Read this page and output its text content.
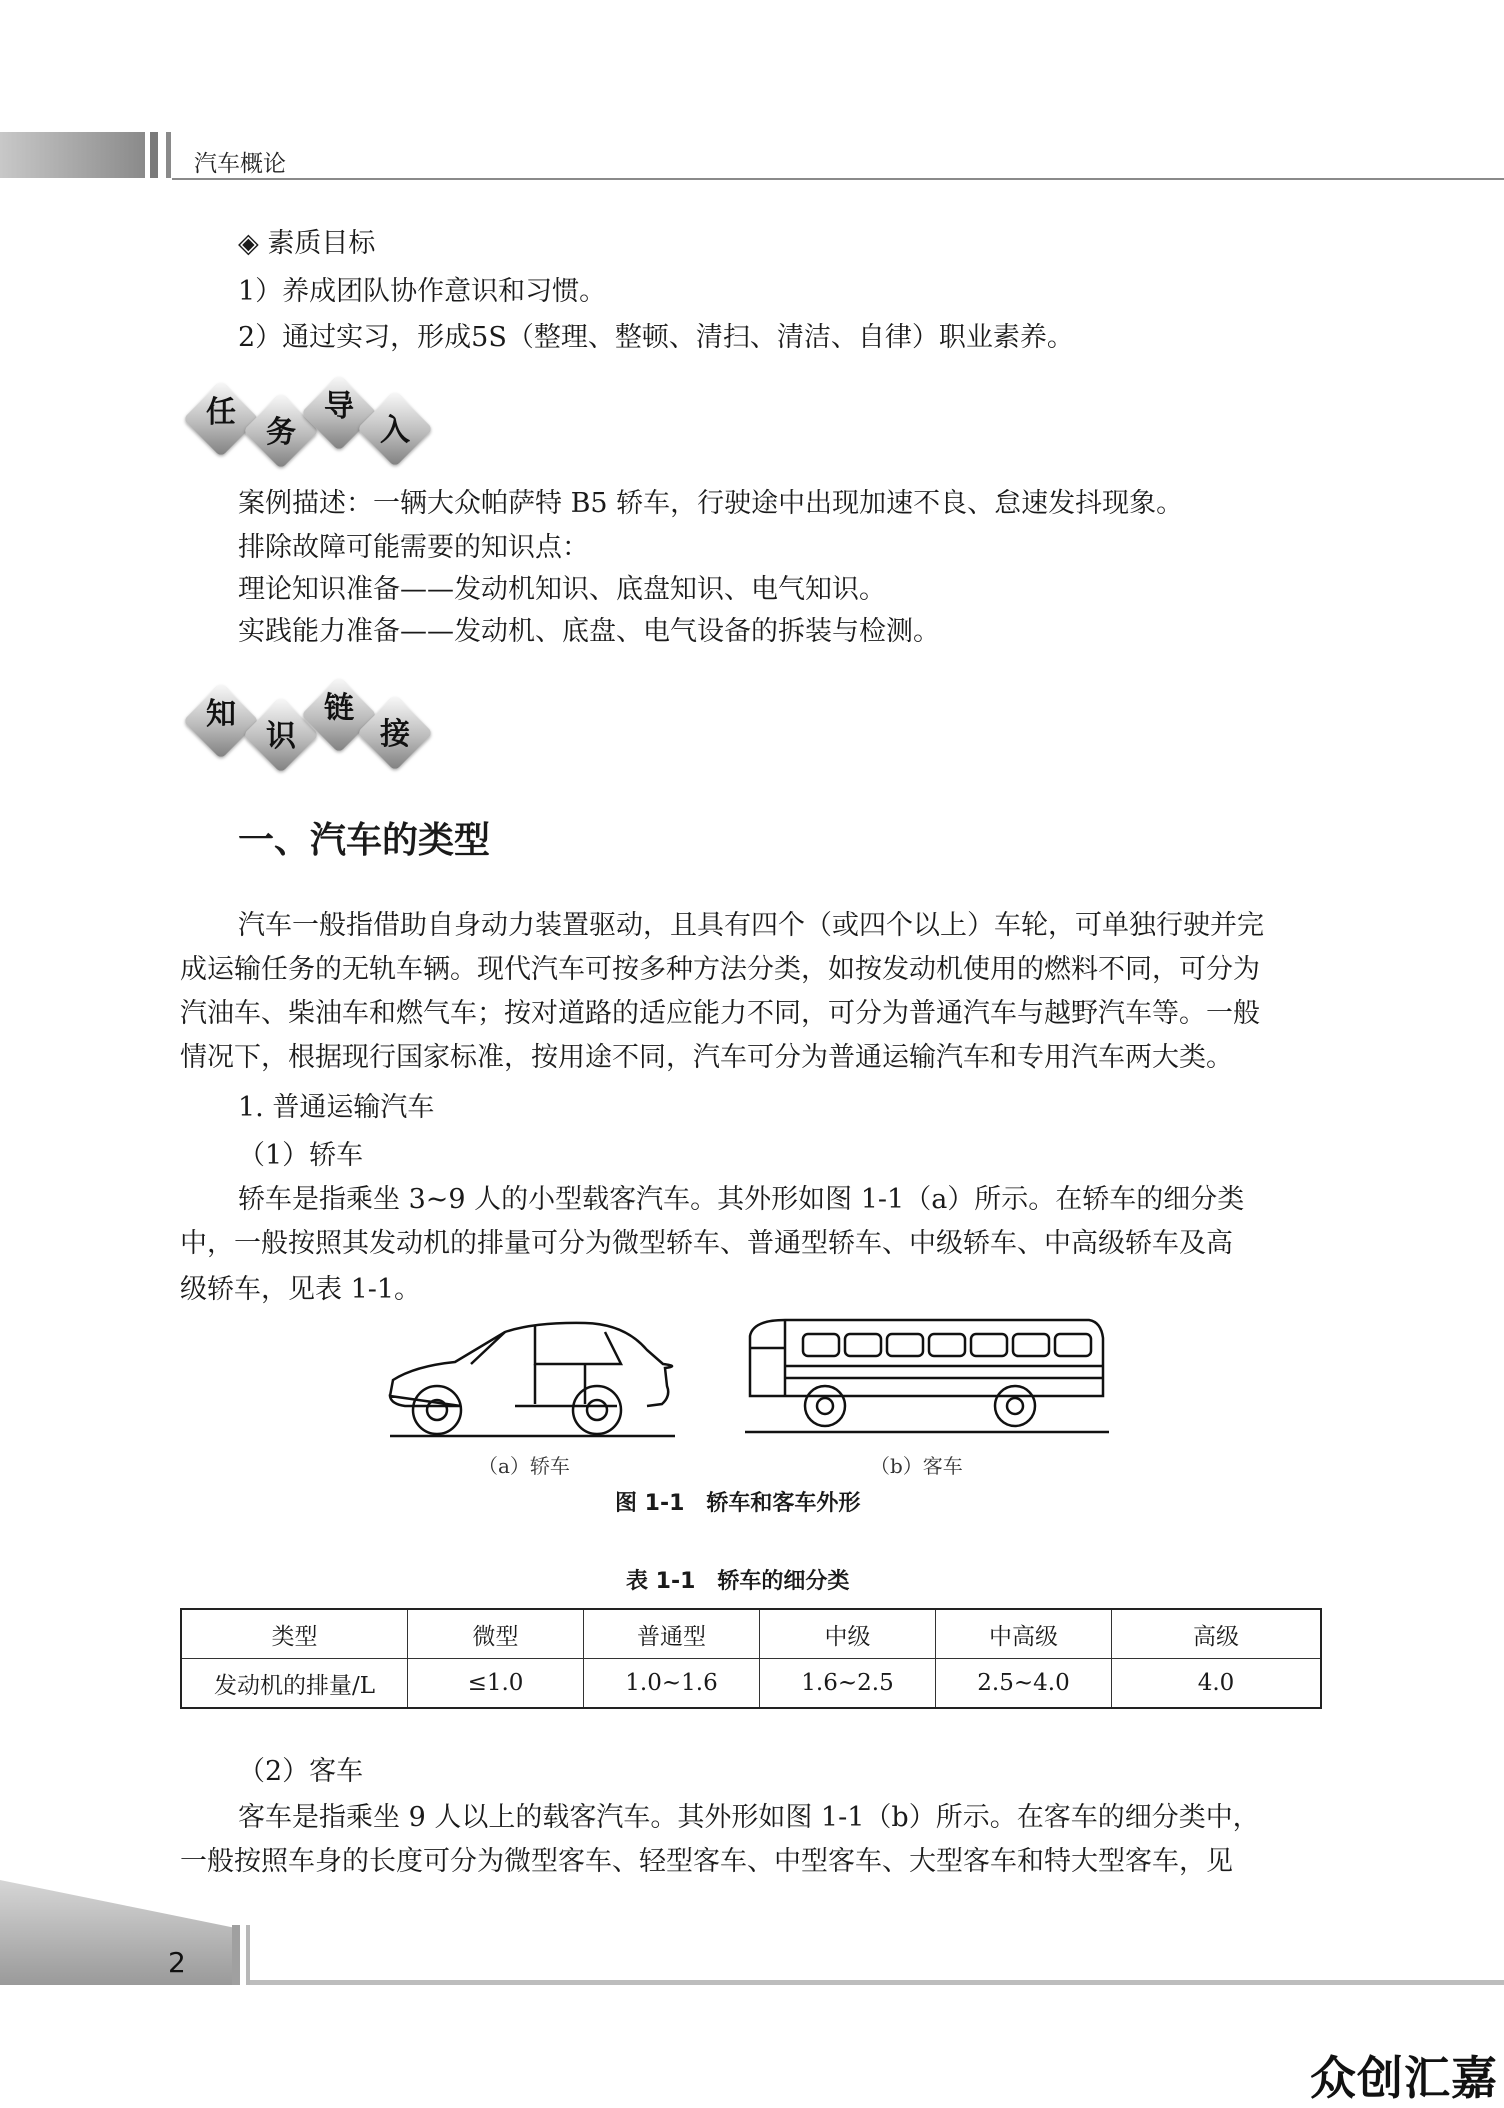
汽车概论
◈ 素质目标
1）养成团队协作意识和习惯。
2）通过实习，形成5S（整理、整顿、清扫、清洁、自律）职业素养。
任
务
导
入
案例描述：一辆大众帕萨特 B5 轿车，行驶途中出现加速不良、怠速发抖现象。
排除故障可能需要的知识点：
理论知识准备——发动机知识、底盘知识、电气知识。
实践能力准备——发动机、底盘、电气设备的拆装与检测。
知
识
链
接
一、汽车的类型
汽车一般指借助自身动力装置驱动，且具有四个（或四个以上）车轮，可单独行驶并完
成运输任务的无轨车辆。现代汽车可按多种方法分类，如按发动机使用的燃料不同，可分为
汽油车、柴油车和燃气车；按对道路的适应能力不同，可分为普通汽车与越野汽车等。一般
情况下，根据现行国家标准，按用途不同，汽车可分为普通运输汽车和专用汽车两大类。
1. 普通运输汽车
（1）轿车
轿车是指乘坐 3~9 人的小型载客汽车。其外形如图 1-1（a）所示。在轿车的细分类
中，一般按照其发动机的排量可分为微型轿车、普通型轿车、中级轿车、中高级轿车及高
级轿车，见表 1-1。
（a）轿车	（b）客车
图 1-1　轿车和客车外形
表 1-1　轿车的细分类
类型	微型	普通型	中级	中高级	高级
发动机的排量/L	≤1.0	1.0~1.6	1.6~2.5	2.5~4.0	4.0
（2）客车
客车是指乘坐 9 人以上的载客汽车。其外形如图 1-1（b）所示。在客车的细分类中，
一般按照车身的长度可分为微型客车、轻型客车、中型客车、大型客车和特大型客车，见
2
众创汇嘉
